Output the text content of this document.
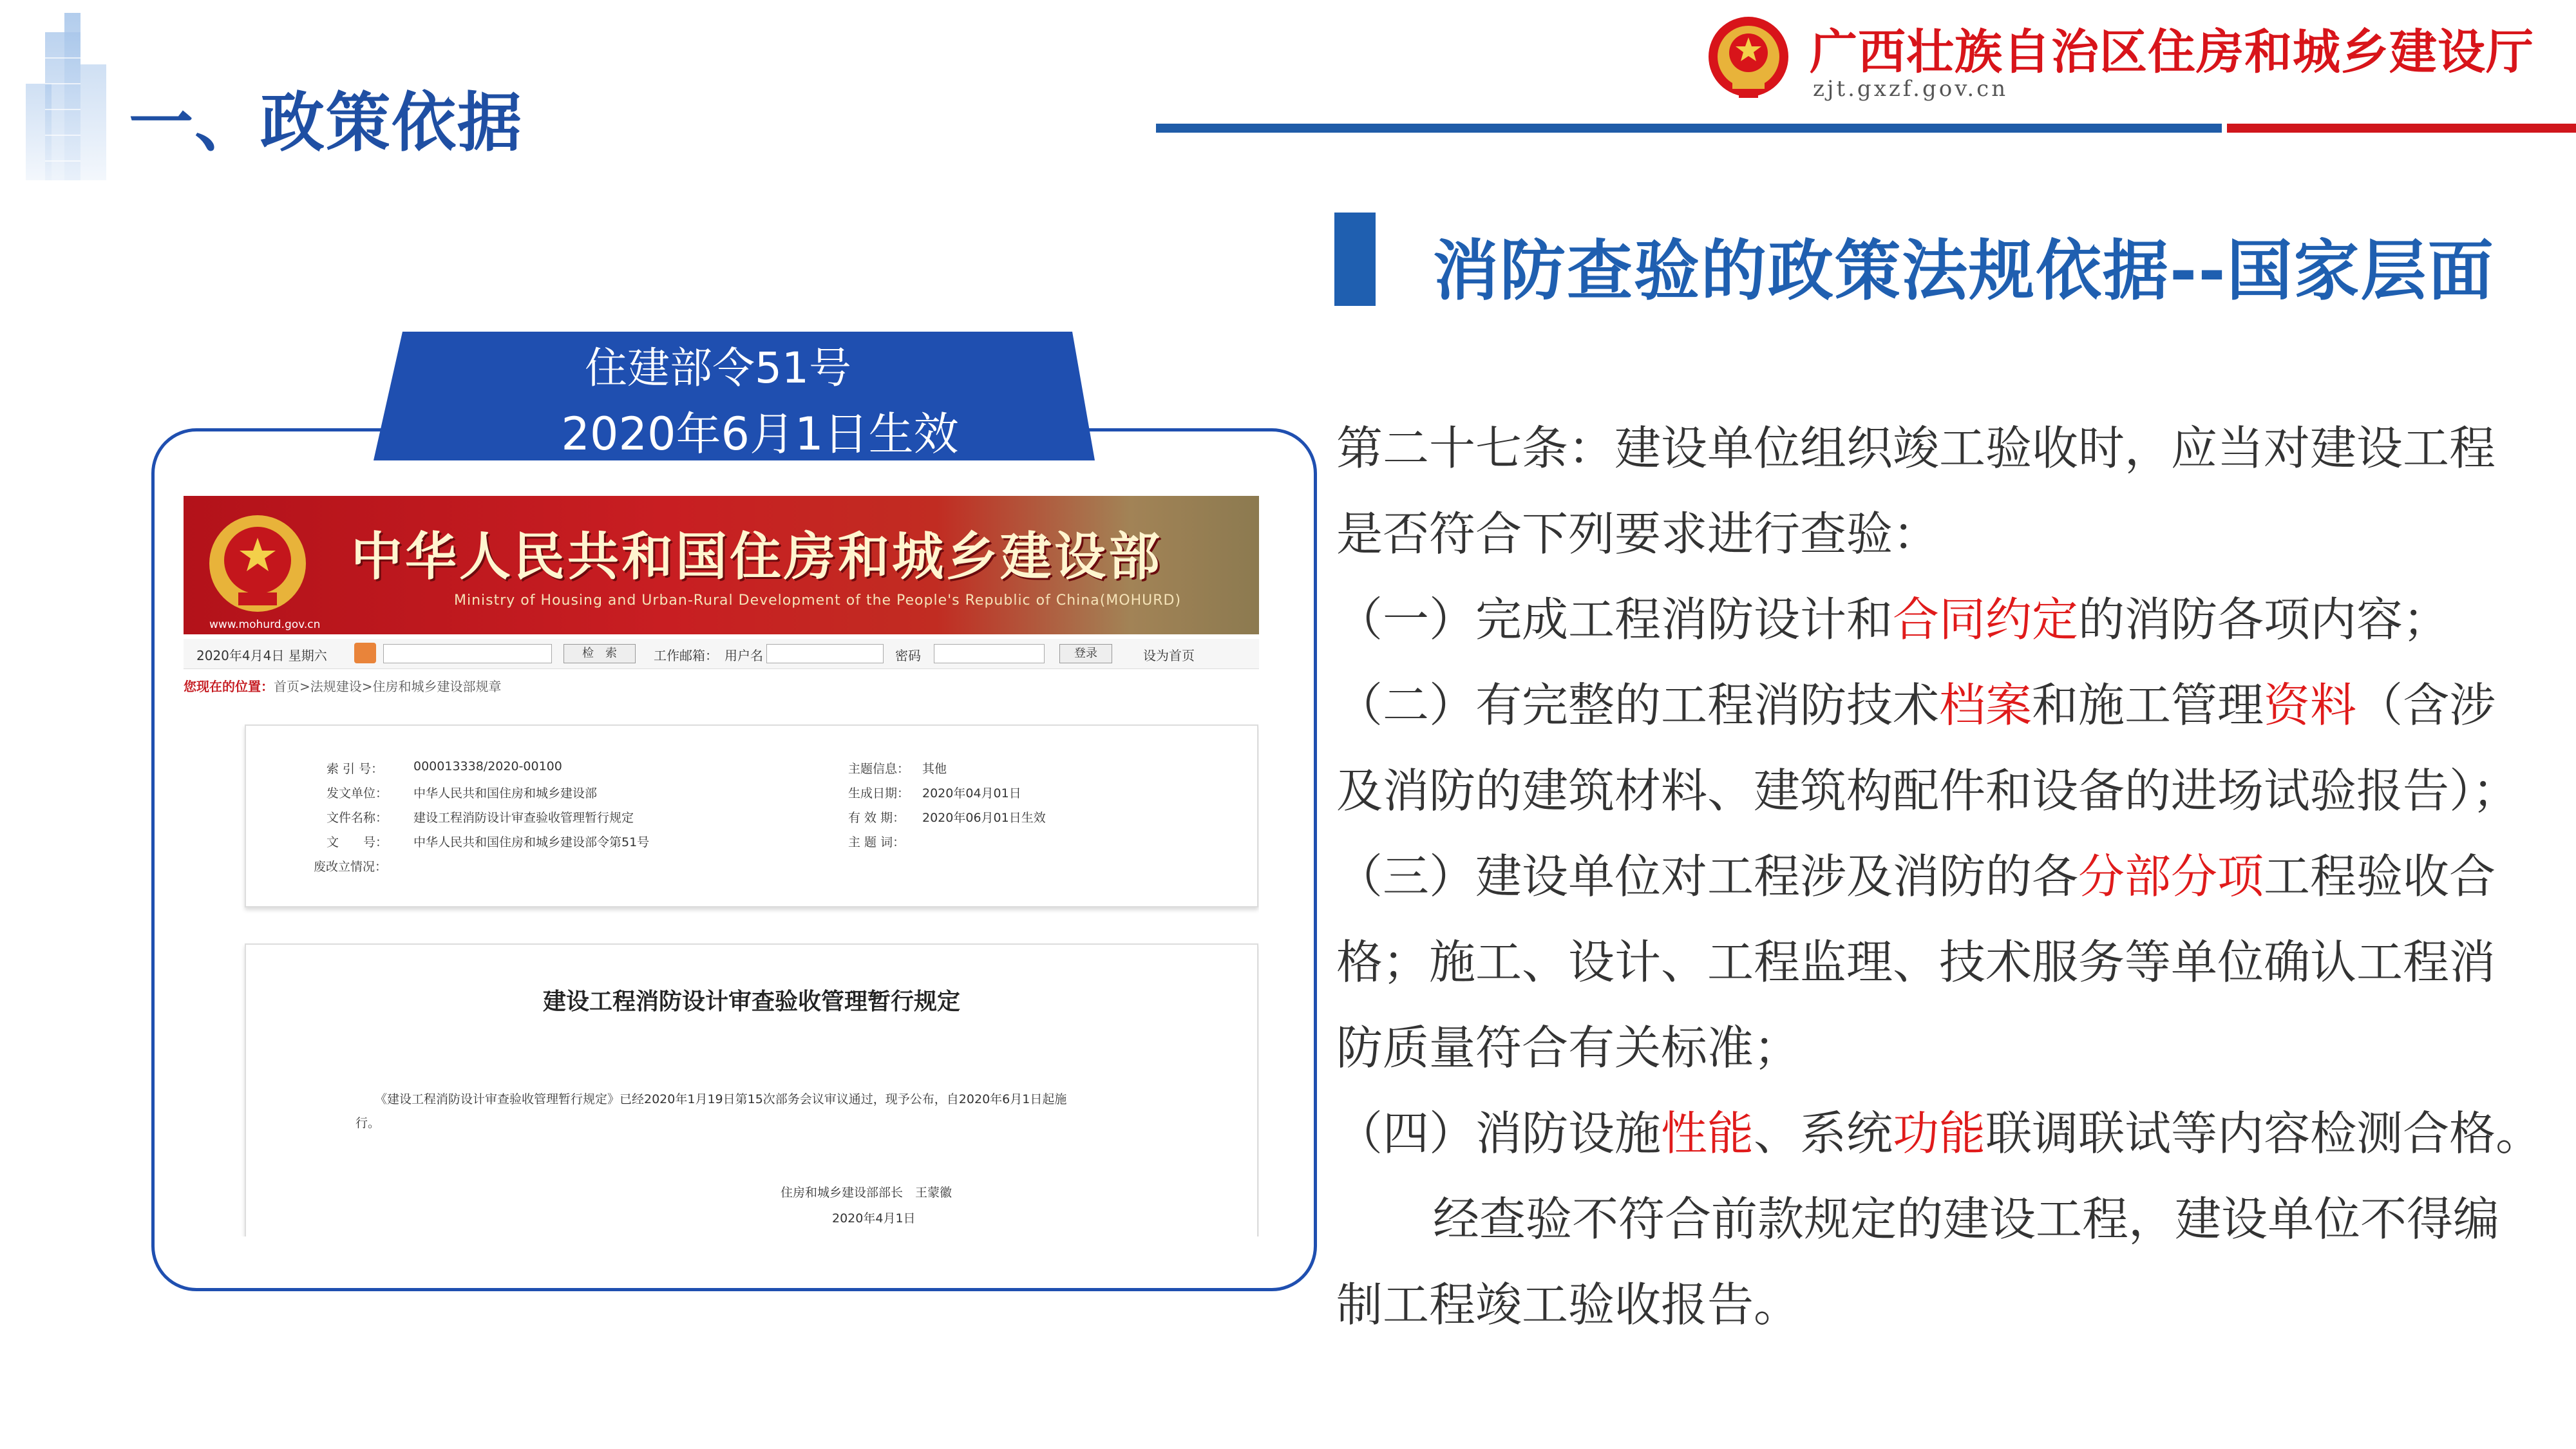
一、政策依据
广西壮族自治区住房和城乡建设厅
zjt.gxzf.gov.cn
消防查验的政策法规依据--国家层面
住建部令51号
2020年6月1日生效
中华人民共和国住房和城乡建设部
Ministry of Housing and Urban-Rural Development of the People's Republic of China(MOHURD)
www.mohurd.gov.cn
2020年4月4日 星期六	检　索	工作邮箱： 用户名	密码	登录	设为首页
您现在的位置：首页>法规建设>住房和城乡建设部规章
索 引 号： 000013338/2020-00100
发文单位： 中华人民共和国住房和城乡建设部
文件名称： 建设工程消防设计审查验收管理暂行规定
文　　号： 中华人民共和国住房和城乡建设部令第51号
废改立情况：
主题信息： 其他
生成日期： 2020年04月01日
有 效 期： 2020年06月01日生效
主 题 词：
建设工程消防设计审查验收管理暂行规定
《建设工程消防设计审查验收管理暂行规定》已经2020年1月19日第15次部务会议审议通过，现予公布，自2020年6月1日起施
行。
住房和城乡建设部部长　王蒙徽
2020年4月1日

第二十七条：建设单位组织竣工验收时，应当对建设工程

是否符合下列要求进行查验：

（一）完成工程消防设计和合同约定的消防各项内容；

（二）有完整的工程消防技术档案和施工管理资料（含涉

及消防的建筑材料、建筑构配件和设备的进场试验报告）；

（三）建设单位对工程涉及消防的各分部分项工程验收合

格；施工、设计、工程监理、技术服务等单位确认工程消

防质量符合有关标准；

（四）消防设施性能、系统功能联调联试等内容检测合格。

经查验不符合前款规定的建设工程，建设单位不得编

制工程竣工验收报告。
